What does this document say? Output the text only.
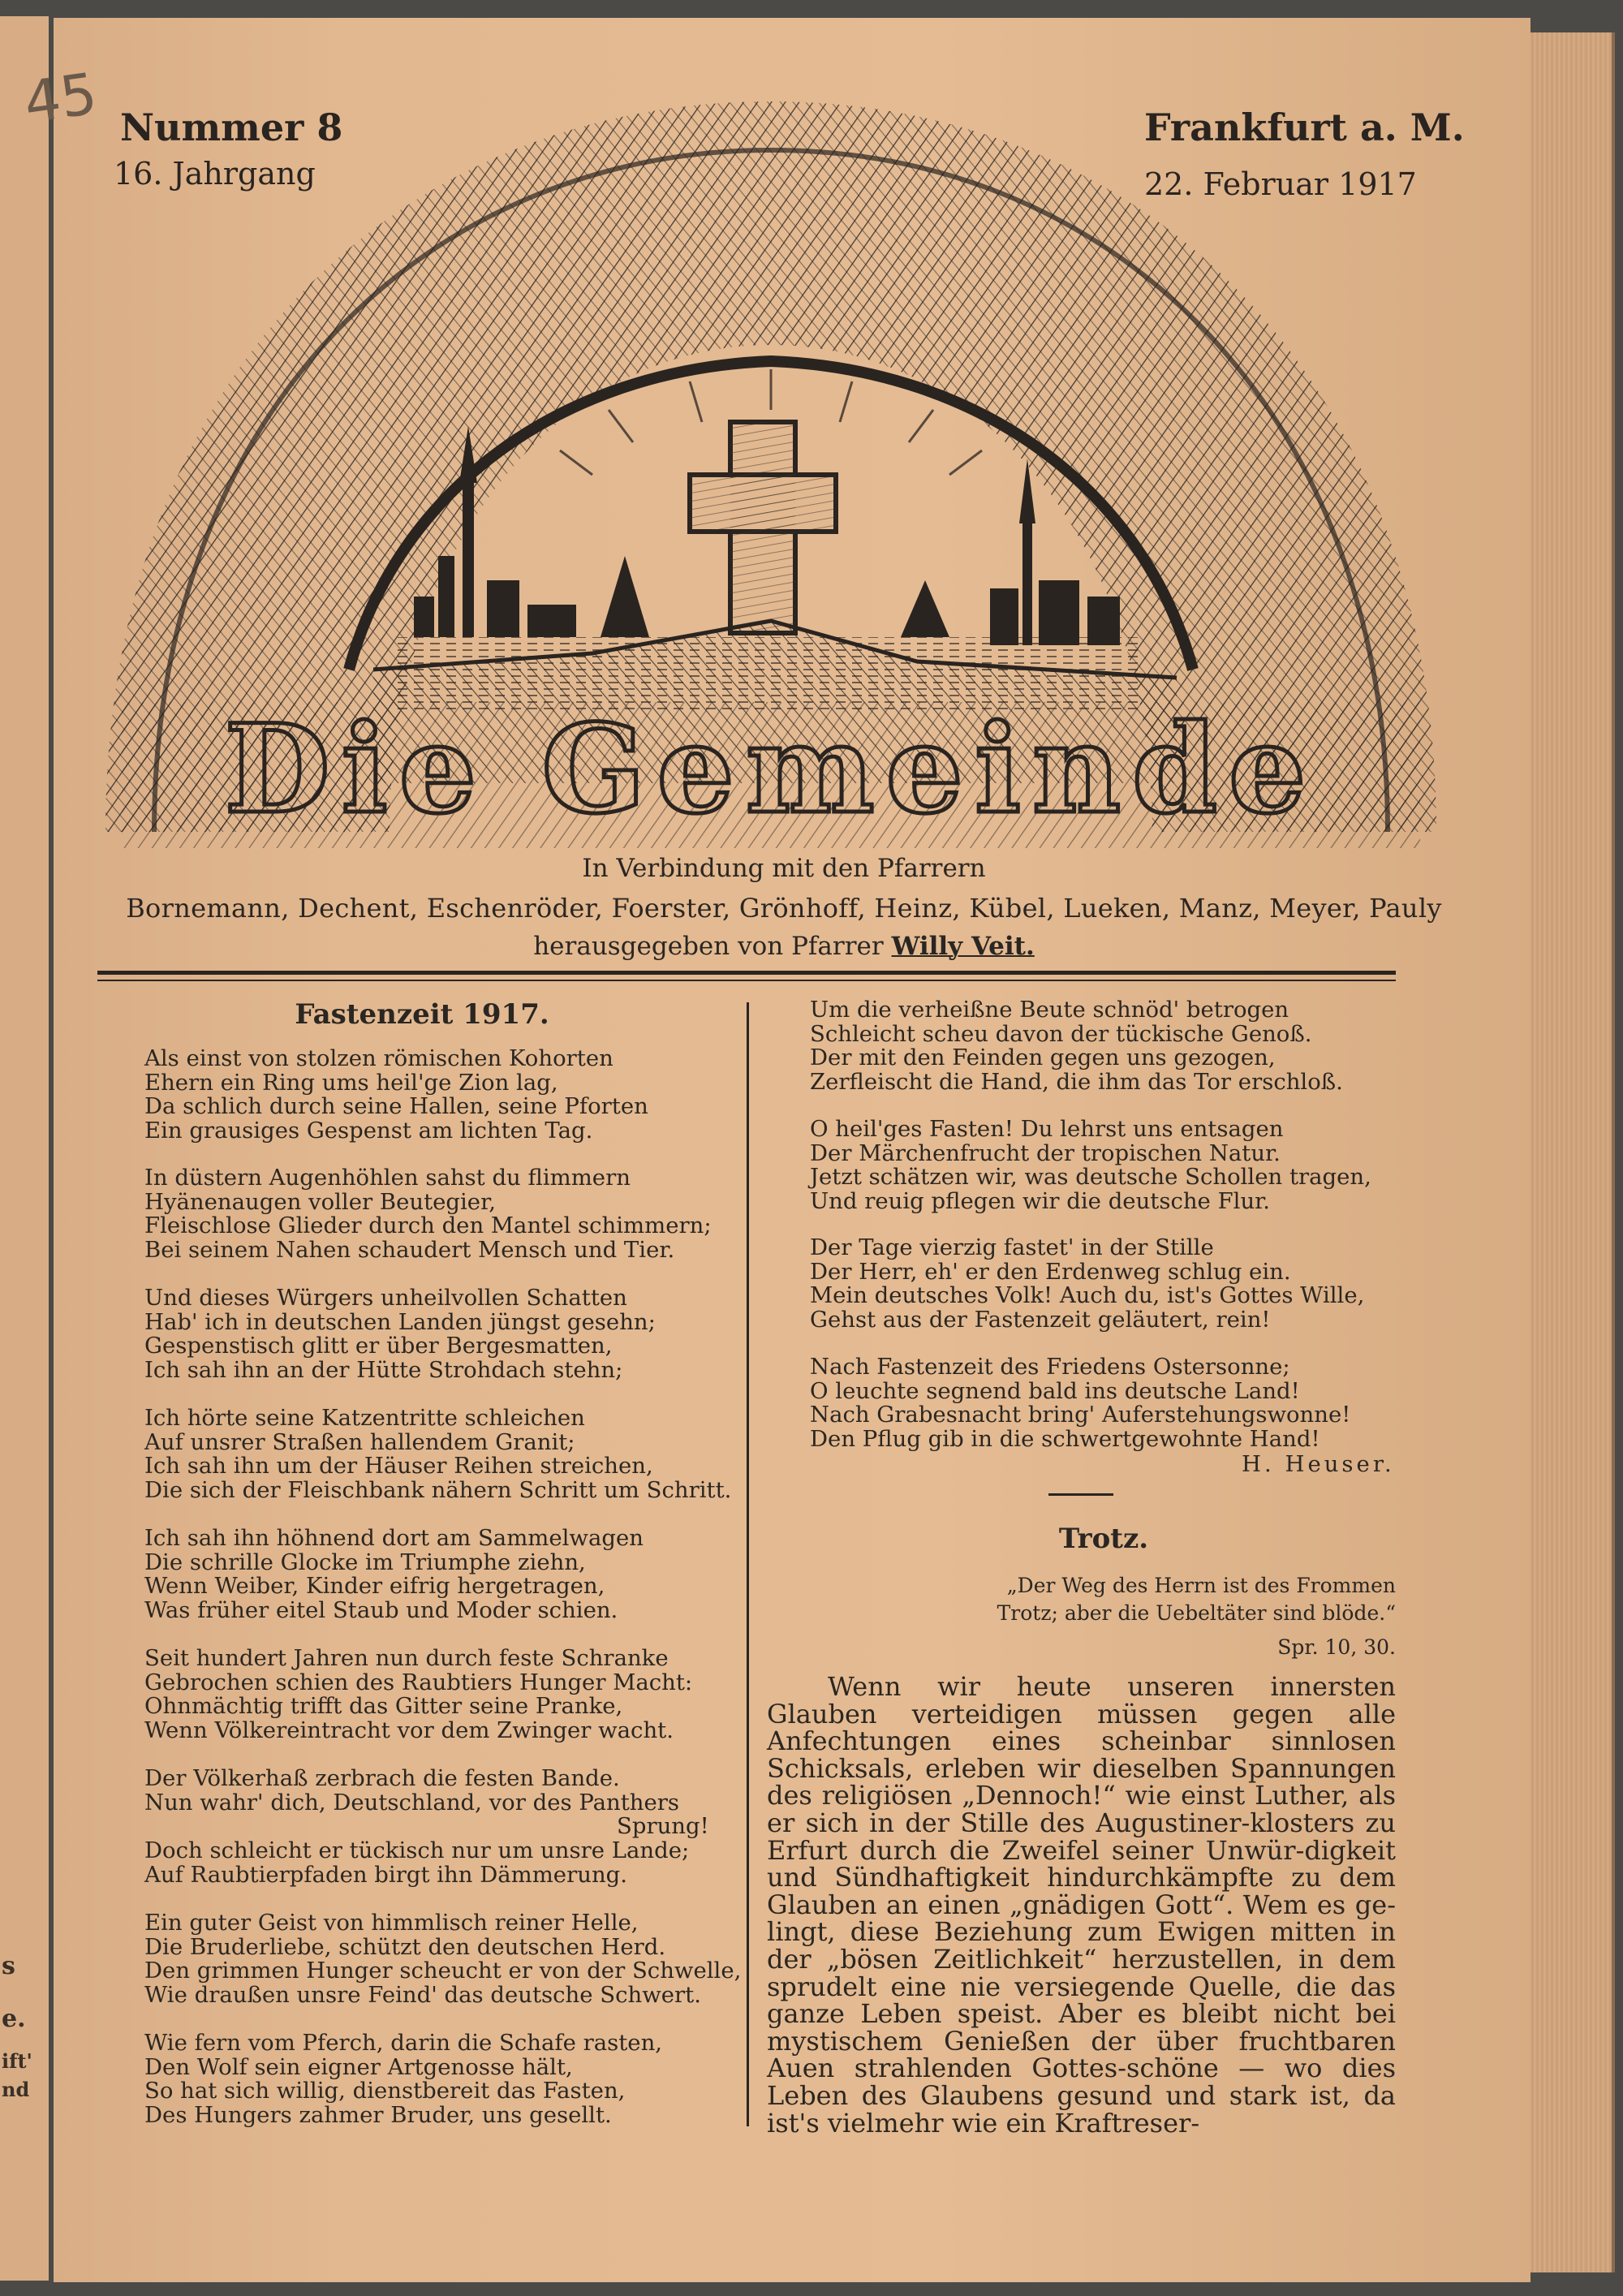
s
e.
ift'
nd
45 Nummer 8
16. Jahrgang
Frankfurt a. M.
22. Februar 1917
Die Gemeinde
In Verbindung mit den Pfarrern
Bornemann, Dechent, Eschenröder, Foerster, Grönhoff, Heinz, Kübel, Lueken, Manz, Meyer, Pauly
herausgegeben von Pfarrer Willy Veit.
Fastenzeit 1917.
Als einst von stolzen römischen Kohorten
Ehern ein Ring ums heil'ge Zion lag,
Da schlich durch seine Hallen, seine Pforten
Ein grausiges Gespenst am lichten Tag.
In düstern Augenhöhlen sahst du flimmern
Hyänenaugen voller Beutegier,
Fleischlose Glieder durch den Mantel schimmern;
Bei seinem Nahen schaudert Mensch und Tier.
Und dieses Würgers unheilvollen Schatten
Hab' ich in deutschen Landen jüngst gesehn;
Gespenstisch glitt er über Bergesmatten,
Ich sah ihn an der Hütte Strohdach stehn;
Ich hörte seine Katzentritte schleichen
Auf unsrer Straßen hallendem Granit;
Ich sah ihn um der Häuser Reihen streichen,
Die sich der Fleischbank nähern Schritt um Schritt.
Ich sah ihn höhnend dort am Sammelwagen
Die schrille Glocke im Triumphe ziehn,
Wenn Weiber, Kinder eifrig hergetragen,
Was früher eitel Staub und Moder schien.
Seit hundert Jahren nun durch feste Schranke
Gebrochen schien des Raubtiers Hunger Macht:
Ohnmächtig trifft das Gitter seine Pranke,
Wenn Völkereintracht vor dem Zwinger wacht.
Der Völkerhaß zerbrach die festen Bande.
Nun wahr' dich, Deutschland, vor des Panthers
Sprung!
Doch schleicht er tückisch nur um unsre Lande;
Auf Raubtierpfaden birgt ihn Dämmerung.
Ein guter Geist von himmlisch reiner Helle,
Die Bruderliebe, schützt den deutschen Herd.
Den grimmen Hunger scheucht er von der Schwelle,
Wie draußen unsre Feind' das deutsche Schwert.
Wie fern vom Pferch, darin die Schafe rasten,
Den Wolf sein eigner Artgenosse hält,
So hat sich willig, dienstbereit das Fasten,
Des Hungers zahmer Bruder, uns gesellt.
Um die verheißne Beute schnöd' betrogen
Schleicht scheu davon der tückische Genoß.
Der mit den Feinden gegen uns gezogen,
Zerfleischt die Hand, die ihm das Tor erschloß.
O heil'ges Fasten! Du lehrst uns entsagen
Der Märchenfrucht der tropischen Natur.
Jetzt schätzen wir, was deutsche Schollen tragen,
Und reuig pflegen wir die deutsche Flur.
Der Tage vierzig fastet' in der Stille
Der Herr, eh' er den Erdenweg schlug ein.
Mein deutsches Volk! Auch du, ist's Gottes Wille,
Gehst aus der Fastenzeit geläutert, rein!
Nach Fastenzeit des Friedens Ostersonne;
O leuchte segnend bald ins deutsche Land!
Nach Grabesnacht bring' Auferstehungswonne!
Den Pflug gib in die schwertgewohnte Hand!
H. Heuser.
Trotz.
„Der Weg des Herrn ist des Frommen
Trotz; aber die Uebeltäter sind blöde.“
Spr. 10, 30.
Wenn wir heute unseren innersten Glauben verteidigen müssen gegen alle Anfechtungen eines scheinbar sinnlosen Schicksals, erleben wir dieselben Spannungen des religiösen „Dennoch!“ wie einst Luther, als er sich in der Stille des Augustiner-klosters zu Erfurt durch die Zweifel seiner Unwür-digkeit und Sündhaftigkeit hindurchkämpfte zu dem Glauben an einen „gnädigen Gott“. Wem es ge-lingt, diese Beziehung zum Ewigen mitten in der „bösen Zeitlichkeit“ herzustellen, in dem sprudelt eine nie versiegende Quelle, die das ganze Leben speist. Aber es bleibt nicht bei mystischem Genießen der über fruchtbaren Auen strahlenden Gottes-schöne — wo dies Leben des Glaubens gesund und stark ist, da ist's vielmehr wie ein Kraftreser-
